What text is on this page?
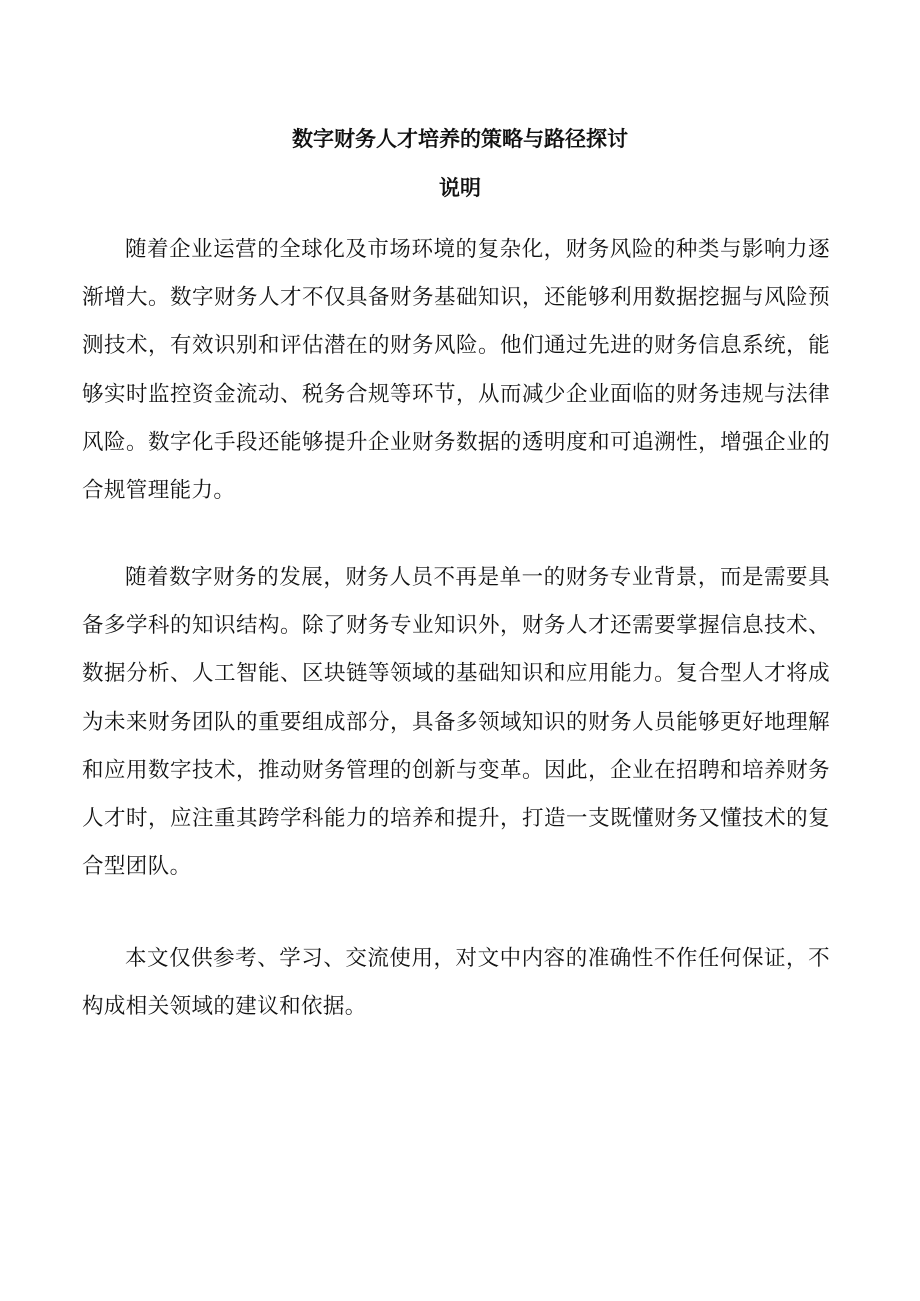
数字财务人才培养的策略与路径探讨
说明

随着企业运营的全球化及市场环境的复杂化，财务风险的种类与影响力逐渐增大。数字财务人才不仅具备财务基础知识，还能够利用数据挖掘与风险预测技术，有效识别和评估潜在的财务风险。他们通过先进的财务信息系统，能够实时监控资金流动、税务合规等环节，从而减少企业面临的财务违规与法律风险。数字化手段还能够提升企业财务数据的透明度和可追溯性，增强企业的合规管理能力。

随着数字财务的发展，财务人员不再是单一的财务专业背景，而是需要具备多学科的知识结构。除了财务专业知识外，财务人才还需要掌握信息技术、数据分析、人工智能、区块链等领域的基础知识和应用能力。复合型人才将成为未来财务团队的重要组成部分，具备多领域知识的财务人员能够更好地理解和应用数字技术，推动财务管理的创新与变革。因此，企业在招聘和培养财务人才时，应注重其跨学科能力的培养和提升，打造一支既懂财务又懂技术的复合型团队。

本文仅供参考、学习、交流使用，对文中内容的准确性不作任何保证，不构成相关领域的建议和依据。
